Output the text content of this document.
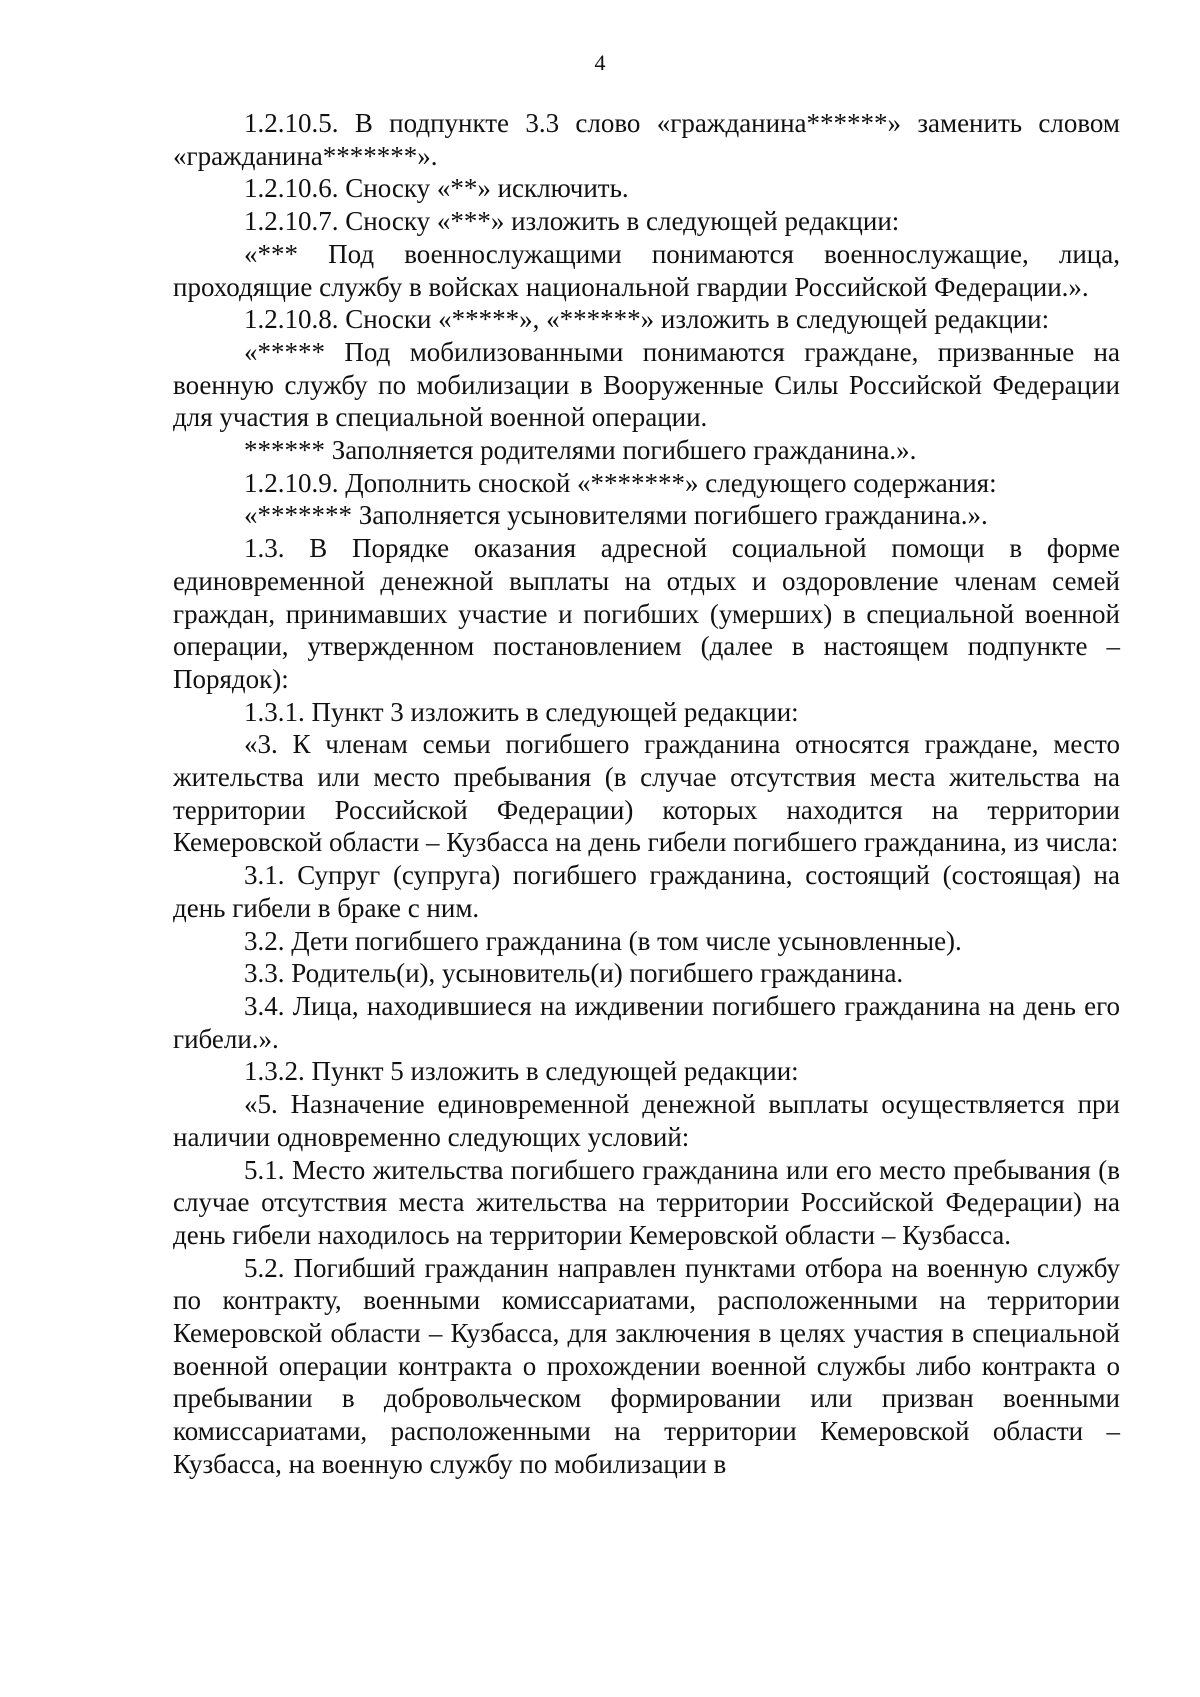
4

1.2.10.5. В подпункте 3.3 слово «гражданина******» заменить словом «гражданина*******».

1.2.10.6. Сноску «**» исключить.

1.2.10.7. Сноску «***» изложить в следующей редакции:

«*** Под военнослужащими понимаются военнослужащие, лица, проходящие службу в войсках национальной гвардии Российской Федерации.».

1.2.10.8. Сноски «*****», «******» изложить в следующей редакции:

«***** Под мобилизованными понимаются граждане, призванные на военную службу по мобилизации в Вооруженные Силы Российской Федерации для участия в специальной военной операции.

****** Заполняется родителями погибшего гражданина.».

1.2.10.9. Дополнить сноской «*******» следующего содержания:

«******* Заполняется усыновителями погибшего гражданина.».

1.3. В Порядке оказания адресной социальной помощи в форме единовременной денежной выплаты на отдых и оздоровление членам семей граждан, принимавших участие и погибших (умерших) в специальной военной операции, утвержденном постановлением (далее в настоящем подпункте – Порядок):

1.3.1. Пункт 3 изложить в следующей редакции:

«3. К членам семьи погибшего гражданина относятся граждане, место жительства или место пребывания (в случае отсутствия места жительства на территории Российской Федерации) которых находится на территории Кемеровской области – Кузбасса на день гибели погибшего гражданина, из числа:

3.1. Супруг (супруга) погибшего гражданина, состоящий (состоящая) на день гибели в браке с ним.

3.2. Дети погибшего гражданина (в том числе усыновленные).

3.3. Родитель(и), усыновитель(и) погибшего гражданина.

3.4. Лица, находившиеся на иждивении погибшего гражданина на день его гибели.».

1.3.2. Пункт 5 изложить в следующей редакции:

«5. Назначение единовременной денежной выплаты осуществляется при наличии одновременно следующих условий:

5.1. Место жительства погибшего гражданина или его место пребывания (в случае отсутствия места жительства на территории Российской Федерации) на день гибели находилось на территории Кемеровской области – Кузбасса.

5.2. Погибший гражданин направлен пунктами отбора на военную службу по контракту, военными комиссариатами, расположенными на территории Кемеровской области – Кузбасса, для заключения в целях участия в специальной военной операции контракта о прохождении военной службы либо контракта о пребывании в добровольческом формировании или призван военными комиссариатами, расположенными на территории Кемеровской области – Кузбасса, на военную службу по мобилизации в
